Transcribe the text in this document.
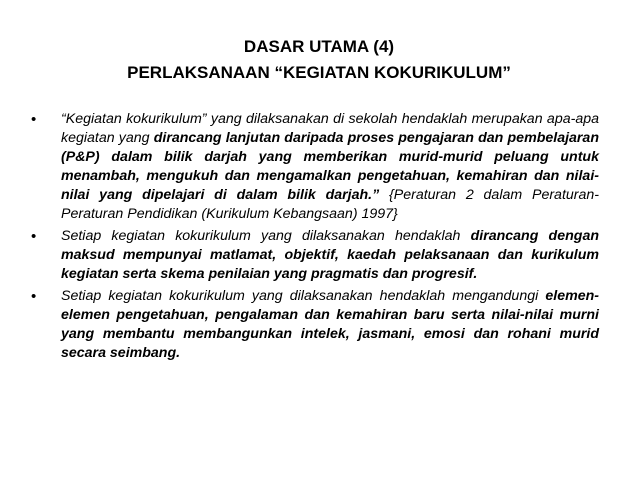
DASAR UTAMA (4)
PERLAKSANAAN “KEGIATAN KOKURIKULUM”
• “Kegiatan kokurikulum” yang dilaksanakan di sekolah hendaklah merupakan apa-apa kegiatan yang dirancang lanjutan daripada proses pengajaran dan pembelajaran (P&P) dalam bilik darjah yang memberikan murid-murid peluang untuk menambah, mengukuh dan mengamalkan pengetahuan, kemahiran dan nilai-nilai yang dipelajari di dalam bilik darjah.” {Peraturan 2 dalam Peraturan-Peraturan Pendidikan (Kurikulum Kebangsaan) 1997}
• Setiap kegiatan kokurikulum yang dilaksanakan hendaklah dirancang dengan maksud mempunyai matlamat, objektif, kaedah pelaksanaan dan kurikulum kegiatan serta skema penilaian yang pragmatis dan progresif.
• Setiap kegiatan kokurikulum yang dilaksanakan hendaklah mengandungi elemen-elemen pengetahuan, pengalaman dan kemahiran baru serta nilai-nilai murni yang membantu membangunkan intelek, jasmani, emosi dan rohani murid secara seimbang.
